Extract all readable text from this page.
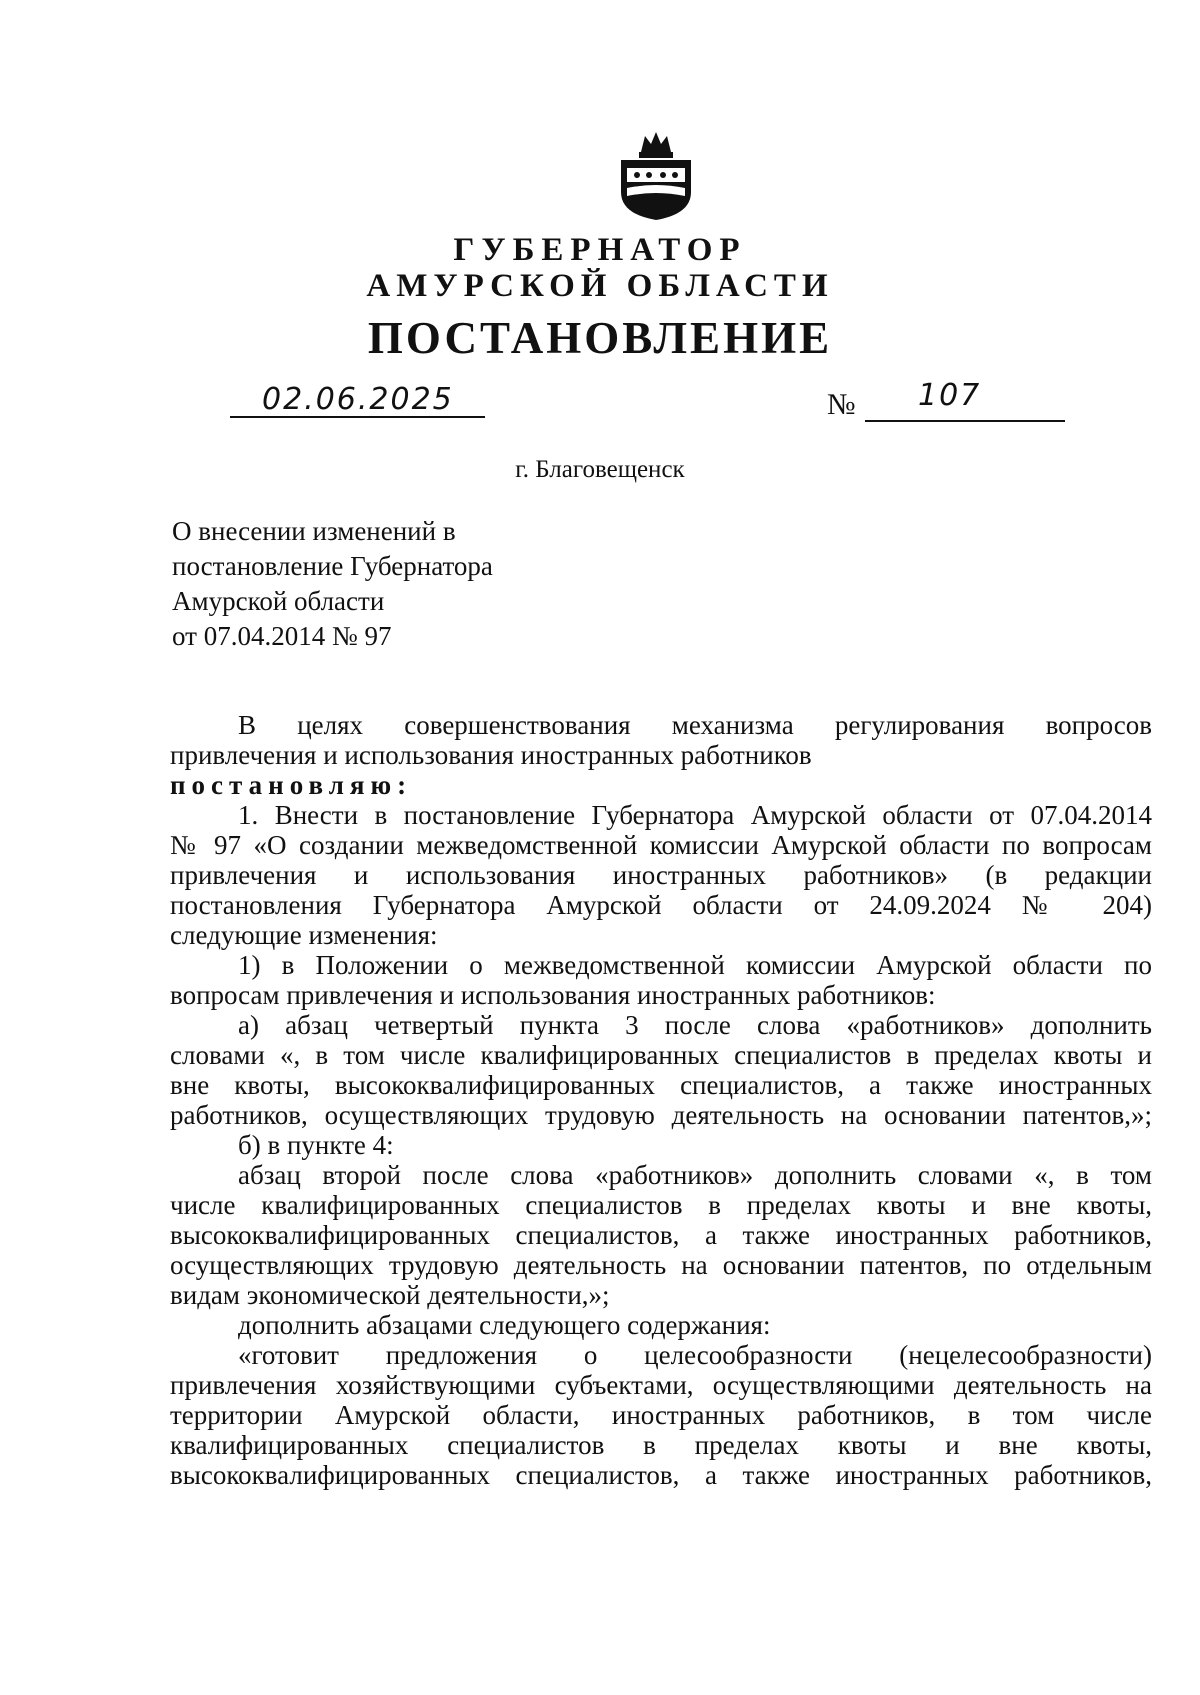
ГУБЕРНАТОР
АМУРСКОЙ ОБЛАСТИ
ПОСТАНОВЛЕНИЕ
02.06.2025	№ 107
г. Благовещенск
О внесении изменений в
постановление Губернатора
Амурской области
от 07.04.2014 № 97
В целях совершенствования механизма регулирования вопросов
привлечения и использования иностранных работников
постановляю:
1. Внести в постановление Губернатора Амурской области от 07.04.2014
№ 97 «О создании межведомственной комиссии Амурской области по вопросам
привлечения и использования иностранных работников» (в редакции
постановления Губернатора Амурской области от 24.09.2024 № 204)
следующие изменения:
1) в Положении о межведомственной комиссии Амурской области по
вопросам привлечения и использования иностранных работников:
а) абзац четвертый пункта 3 после слова «работников» дополнить
словами «, в том числе квалифицированных специалистов в пределах квоты и
вне квоты, высококвалифицированных специалистов, а также иностранных
работников, осуществляющих трудовую деятельность на основании патентов,»;
б) в пункте 4:
абзац второй после слова «работников» дополнить словами «, в том
числе квалифицированных специалистов в пределах квоты и вне квоты,
высококвалифицированных специалистов, а также иностранных работников,
осуществляющих трудовую деятельность на основании патентов, по отдельным
видам экономической деятельности,»;
дополнить абзацами следующего содержания:
«готовит предложения о целесообразности (нецелесообразности)
привлечения хозяйствующими субъектами, осуществляющими деятельность на
территории Амурской области, иностранных работников, в том числе
квалифицированных специалистов в пределах квоты и вне квоты,
высококвалифицированных специалистов, а также иностранных работников,
